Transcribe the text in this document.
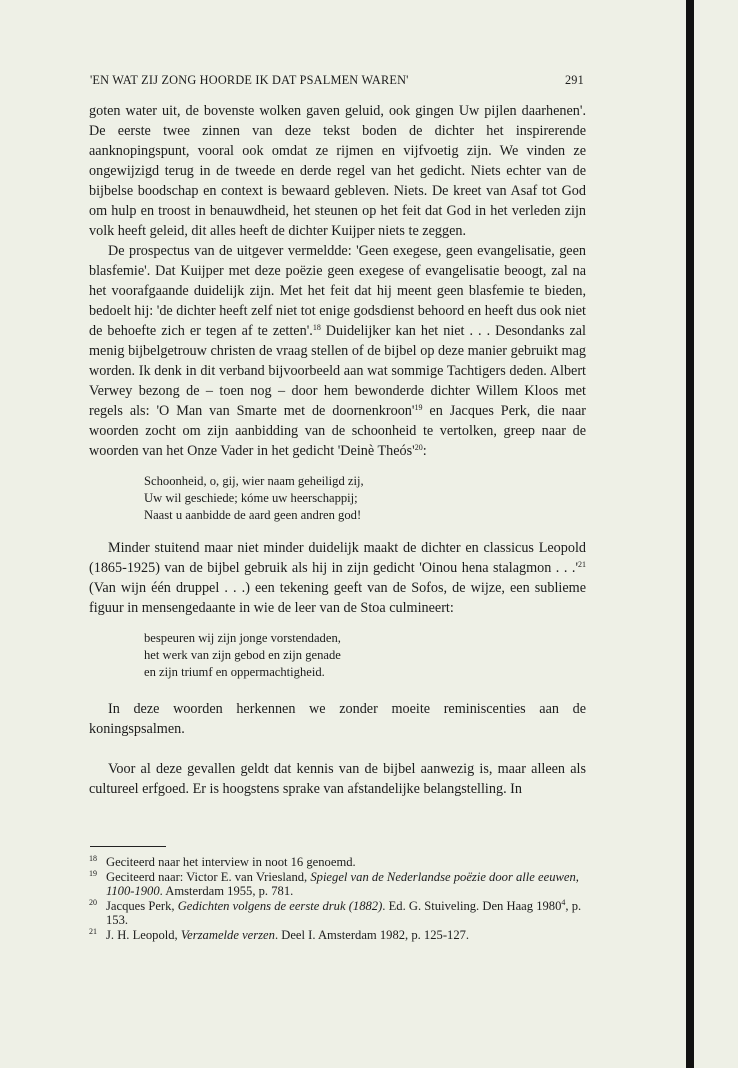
'EN WAT ZIJ ZONG HOORDE IK DAT PSALMEN WAREN'	291

goten water uit, de bovenste wolken gaven geluid, ook gingen Uw pijlen daarhenen'. De eerste twee zinnen van deze tekst boden de dichter het inspirerende aanknopingspunt, vooral ook omdat ze rijmen en vijfvoetig zijn. We vinden ze ongewijzigd terug in de tweede en derde regel van het gedicht. Niets echter van de bijbelse boodschap en context is bewaard gebleven. Niets. De kreet van Asaf tot God om hulp en troost in benauwdheid, het steunen op het feit dat God in het verleden zijn volk heeft geleid, dit alles heeft de dichter Kuijper niets te zeggen.

De prospectus van de uitgever vermeldde: 'Geen exegese, geen evangelisatie, geen blasfemie'. Dat Kuijper met deze poëzie geen exegese of evangelisatie beoogt, zal na het voorafgaande duidelijk zijn. Met het feit dat hij meent geen blasfemie te bieden, bedoelt hij: 'de dichter heeft zelf niet tot enige godsdienst behoord en heeft dus ook niet de behoefte zich er tegen af te zetten'.$^{18}$ Duidelijker kan het niet . . . Desondanks zal menig bijbelgetrouw christen de vraag stellen of de bijbel op deze manier gebruikt mag worden. Ik denk in dit verband bijvoorbeeld aan wat sommige Tachtigers deden. Albert Verwey bezong de – toen nog – door hem bewonderde dichter Willem Kloos met regels als: 'O Man van Smarte met de $doornenkroon'^{19}$ en Jacques Perk, die naar woorden zocht om zijn aanbidding van de schoonheid te vertolken, greep naar de woorden van het Onze Vader in het gedicht 'Deinè $Theós'^{20}$:

Schoonheid, o, gij, wier naam geheiligd zij,
Uw wil geschiede; kóme uw heerschappij;
Naast u aanbidde de aard geen andren god!

Minder stuitend maar niet minder duidelijk maakt de dichter en classicus Leopold (1865-1925) van de bijbel gebruik als hij in zijn gedicht 'Oinou hena stalagmon . . $.'^{21}$ (Van wijn één druppel . . .) een tekening geeft van de Sofos, de wijze, een sublieme figuur in mensengedaante in wie de leer van de Stoa culmineert:

bespeuren wij zijn jonge vorstendaden,
het werk van zijn gebod en zijn genade
en zijn triumf en oppermachtigheid.

In deze woorden herkennen we zonder moeite reminiscenties aan de koningspsalmen.

Voor al deze gevallen geldt dat kennis van de bijbel aanwezig is, maar alleen als cultureel erfgoed. Er is hoogstens sprake van afstandelijke belangstelling. In

18 Geciteerd naar het interview in noot 16 genoemd.
19 Geciteerd naar: Victor E. van Vriesland, Spiegel van de Nederlandse poëzie door alle eeuwen, 1100-1900. Amsterdam 1955, p. 781.
20 Jacques Perk, Gedichten volgens de eerste druk (1882). Ed. G. Stuiveling. Den Haag 1980$^4$, p. 153.
21 J. H. Leopold, Verzamelde verzen. Deel I. Amsterdam 1982, p. 125-127.
